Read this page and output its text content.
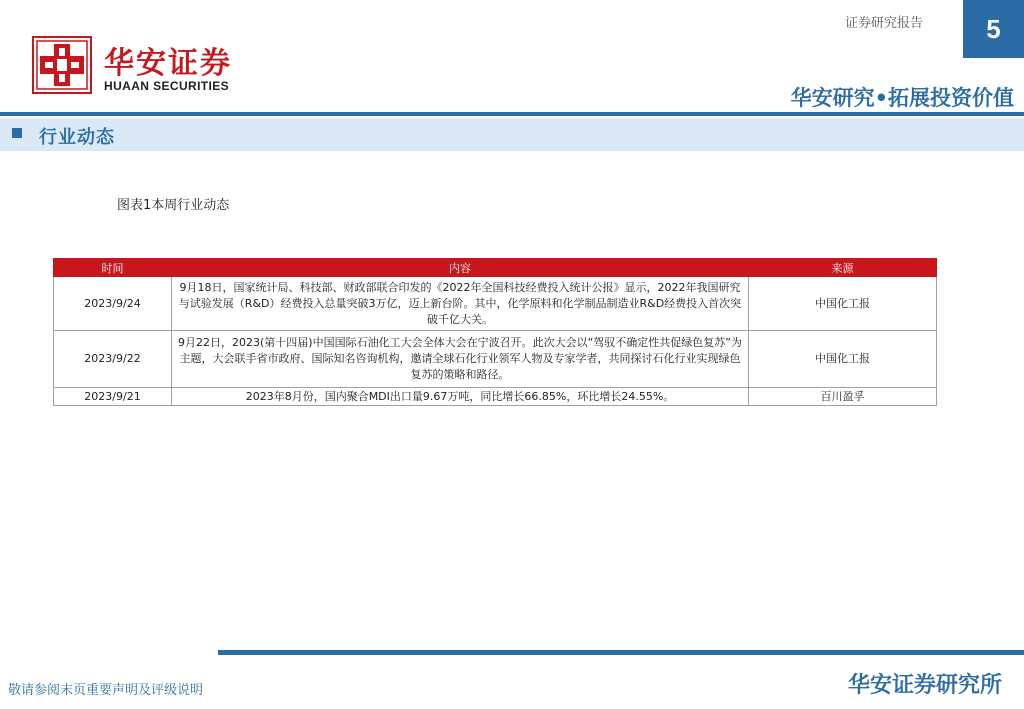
华安证券
HUAAN SECURITIES
证券研究报告	5
华安研究•拓展投资价值
行业动态
图表1本周行业动态
时间	内容	来源
2023/9/24	9月18日，国家统计局、科技部、财政部联合印发的《2022年全国科技经费投入统计公报》显示，2022年我国研究与试验发展（R&D）经费投入总量突破3万亿，迈上新台阶。其中，化学原料和化学制品制造业R&D经费投入首次突破千亿大关。	中国化工报
2023/9/22	9月22日，2023(第十四届)中国国际石油化工大会全体大会在宁波召开。此次大会以“驾驭不确定性共促绿色复苏”为主题，大会联手省市政府、国际知名咨询机构，邀请全球石化行业领军人物及专家学者，共同探讨石化行业实现绿色复苏的策略和路径。	中国化工报
2023/9/21	2023年8月份，国内聚合MDI出口量9.67万吨，同比增长66.85%，环比增长24.55%。	百川盈孚
敬请参阅末页重要声明及评级说明	华安证券研究所
